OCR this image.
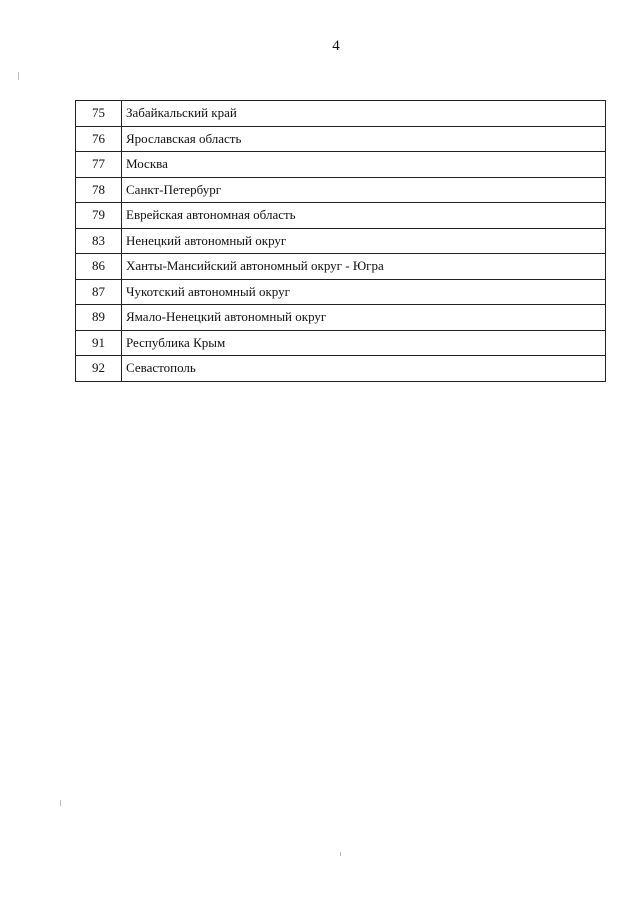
4
75	Забайкальский край
76	Ярославская область
77	Москва
78	Санкт-Петербург
79	Еврейская автономная область
83	Ненецкий автономный округ
86	Ханты-Мансийский автономный округ - Югра
87	Чукотский автономный округ
89	Ямало-Ненецкий автономный округ
91	Республика Крым
92	Севастополь
